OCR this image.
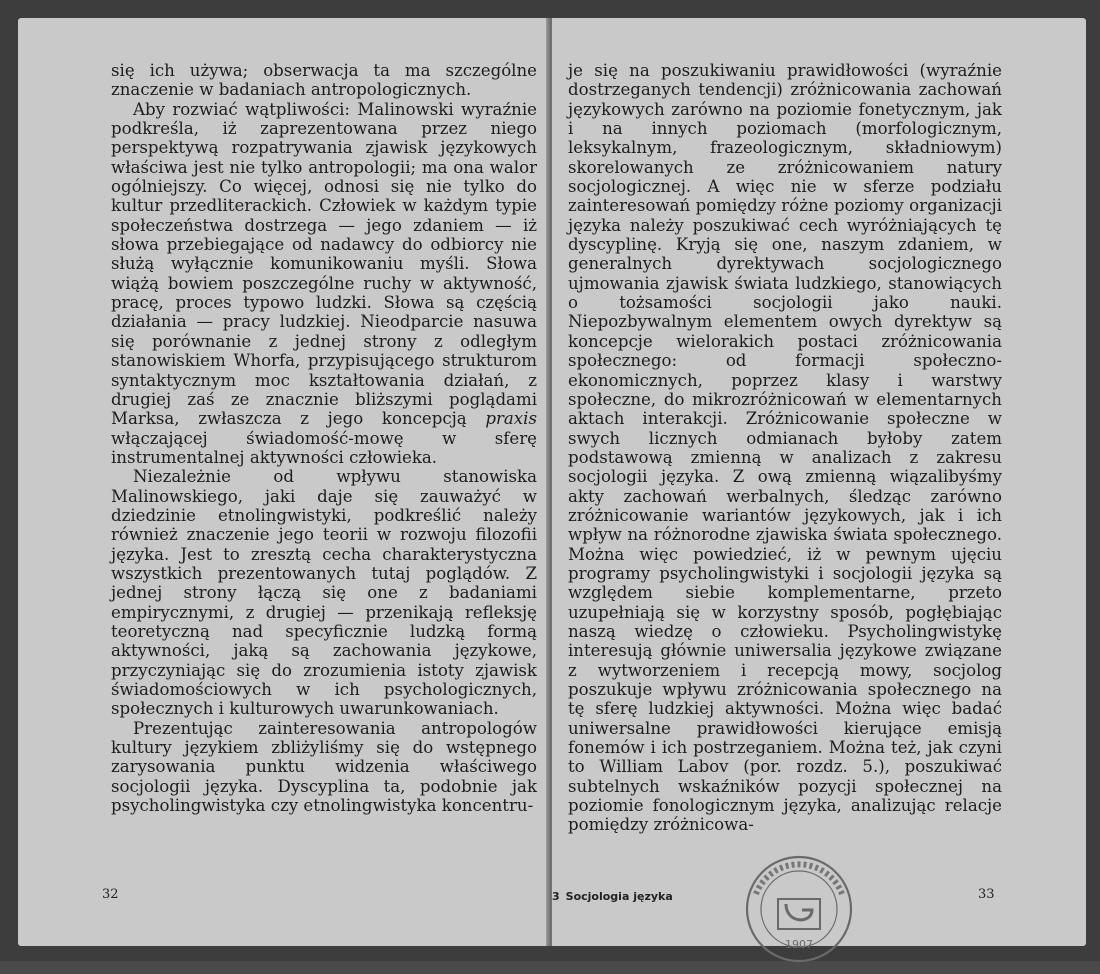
się ich używa; obserwacja ta ma szczególne znaczenie w badaniach antropologicznych.

Aby rozwiać wątpliwości: Malinowski wyraźnie podkreśla, iż zaprezentowana przez niego perspektywą rozpatrywania zjawisk językowych właściwa jest nie tylko antropologii; ma ona walor ogólniejszy. Co więcej, odnosi się nie tylko do kultur przedliterackich. Człowiek w każdym typie społeczeństwa dostrzega — jego zdaniem — iż słowa przebiegające od nadawcy do odbiorcy nie służą wyłącznie komunikowaniu myśli. Słowa wiążą bowiem poszczególne ruchy w aktywność, pracę, proces typowo ludzki. Słowa są częścią działania — pracy ludzkiej. Nieodparcie nasuwa się porównanie z jednej strony z odległym stanowiskiem Whorfa, przypisującego strukturom syntaktycznym moc kształtowania działań, z drugiej zaś ze znacznie bliższymi poglądami Marksa, zwłaszcza z jego koncepcją praxis włączającej świadomość-mowę w sferę instrumentalnej aktywności człowieka.

Niezależnie od wpływu stanowiska Malinowskiego, jaki daje się zauważyć w dziedzinie etnolingwistyki, podkreślić należy również znaczenie jego teorii w rozwoju filozofii języka. Jest to zresztą cecha charakterystyczna wszystkich prezentowanych tutaj poglądów. Z jednej strony łączą się one z badaniami empirycznymi, z drugiej — przenikają refleksję teoretyczną nad specyficznie ludzką formą aktywności, jaką są zachowania językowe, przyczyniając się do zrozumienia istoty zjawisk świadomościowych w ich psychologicznych, społecznych i kulturowych uwarunkowaniach.

Prezentując zainteresowania antropologów kultury językiem zbliżyliśmy się do wstępnego zarysowania punktu widzenia właściwego socjologii języka. Dyscyplina ta, podobnie jak psycholingwistyka czy etnolingwistyka koncentru-

32

je się na poszukiwaniu prawidłowości (wyraźnie dostrzeganych tendencji) zróżnicowania zachowań językowych zarówno na poziomie fonetycznym, jak i na innych poziomach (morfologicznym, leksykalnym, frazeologicznym, składniowym) skorelowanych ze zróżnicowaniem natury socjologicznej. A więc nie w sferze podziału zainteresowań pomiędzy różne poziomy organizacji języka należy poszukiwać cech wyróżniających tę dyscyplinę. Kryją się one, naszym zdaniem, w generalnych dyrektywach socjologicznego ujmowania zjawisk świata ludzkiego, stanowiących o tożsamości socjologii jako nauki. Niepozbywalnym elementem owych dyrektyw są koncepcje wielorakich postaci zróżnicowania społecznego: od formacji społeczno-ekonomicznych, poprzez klasy i warstwy społeczne, do mikrozróżnicowań w elementarnych aktach interakcji. Zróżnicowanie społeczne w swych licznych odmianach byłoby zatem podstawową zmienną w analizach z zakresu socjologii języka. Z ową zmienną wiązalibyśmy akty zachowań werbalnych, śledząc zarówno zróżnicowanie wariantów językowych, jak i ich wpływ na różnorodne zjawiska świata społecznego. Można więc powiedzieć, iż w pewnym ujęciu programy psycholingwistyki i socjologii języka są względem siebie komplementarne, przeto uzupełniają się w korzystny sposób, pogłębiając naszą wiedzę o człowieku. Psycholingwistykę interesują głównie uniwersalia językowe związane z wytworzeniem i recepcją mowy, socjolog poszukuje wpływu zróżnicowania społecznego na tę sferę ludzkiej aktywności. Można więc badać uniwersalne prawidłowości kierujące emisją fonemów i ich postrzeganiem. Można też, jak czyni to William Labov (por. rozdz. 5.), poszukiwać subtelnych wskaźników pozycji społecznej na poziomie fonologicznym języka, analizując relacje pomiędzy zróżnicowa-

3 Socjologia języka	33
1907
